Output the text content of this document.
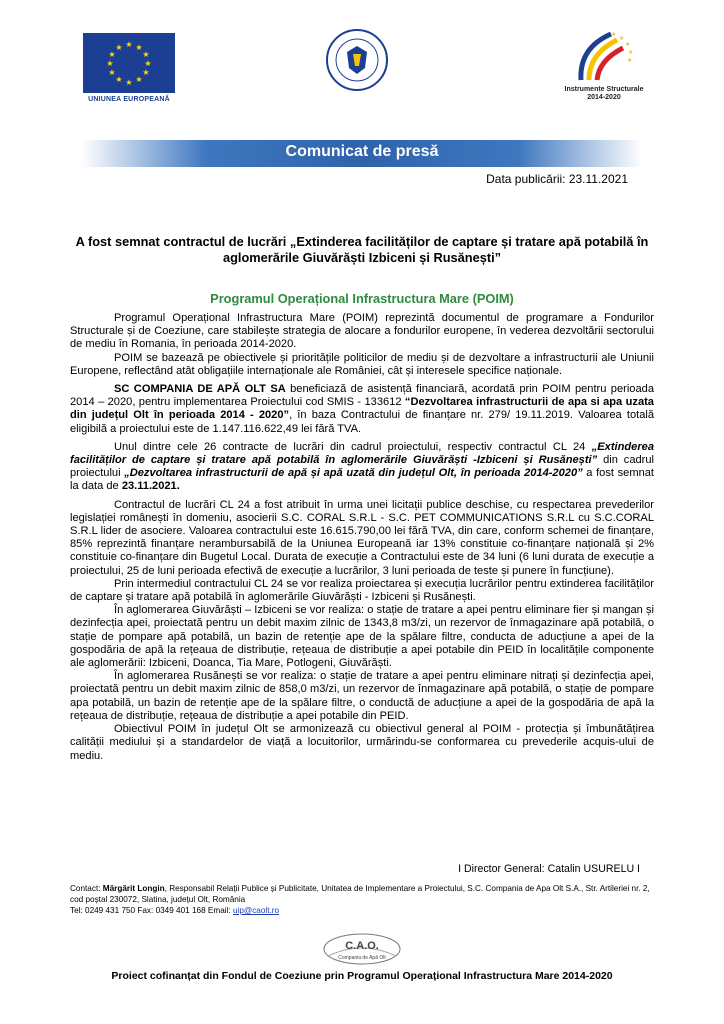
★ ★
★
★
★
★
★
★
★
★
★
★
UNIUNEA EUROPEANĂ
★
★
★
★
★
Instrumente Structurale
2014-2020
Comunicat de presă
Data publicării: 23.11.2021
A fost semnat contractul de lucrări „Extinderea facilităților de captare și tratare apă potabilă în aglomerările Giuvărăști Izbiceni și Rusănești”
Programul Operațional Infrastructura Mare (POIM)

Programul Operațional Infrastructura Mare (POIM) reprezintă documentul de programare a Fondurilor Structurale și de Coeziune, care stabilește strategia de alocare a fondurilor europene, în vederea dezvoltării sectorului de mediu în Romania, în perioada 2014-2020.

POIM se bazează pe obiectivele și prioritățile politicilor de mediu și de dezvoltare a infrastructurii ale Uniunii Europene, reflectând atât obligațiile internaționale ale României, cât și interesele specifice naționale.

SC COMPANIA DE APĂ OLT SA beneficiază de asistență financiară, acordată prin POIM pentru perioada 2014 – 2020, pentru implementarea Proiectului cod SMIS - 133612 “Dezvoltarea infrastructurii de apa si apa uzata din județul Olt în perioada 2014 - 2020”, în baza Contractului de finanțare nr. 279/ 19.11.2019. Valoarea totală eligibilă a proiectului este de 1.147.116.622,49 lei fără TVA.

Unul dintre cele 26 contracte de lucrări din cadrul proiectului, respectiv contractul CL 24 „Extinderea facilităților de captare și tratare apă potabilă în aglomerările Giuvărăști -Izbiceni și Rusănești” din cadrul proiectului „Dezvoltarea infrastructurii de apă și apă uzată din județul Olt, în perioada 2014-2020” a fost semnat la data de 23.11.2021.

Contractul de lucrări CL 24 a fost atribuit în urma unei licitații publice deschise, cu respectarea prevederilor legislației românești în domeniu, asocierii S.C. CORAL S.R.L - S.C. PET COMMUNICATIONS S.R.L cu S.C.CORAL S.R.L lider de asociere. Valoarea contractului este 16.615.790,00 lei fără TVA, din care, conform schemei de finanțare, 85% reprezintă finanțare nerambursabilă de la Uniunea Europeană iar 13% constituie co-finanțare națională și 2% constituie co-finanțare din Bugetul Local. Durata de execuție a Contractului este de 34 luni (6 luni durata de execuție a proiectului, 25 de luni perioada efectivă de execuție a lucrărilor, 3 luni perioada de teste și punere în funcțiune).

Prin intermediul contractului CL 24 se vor realiza proiectarea și execuția lucrărilor pentru extinderea facilităților de captare și tratare apă potabilă în aglomerările Giuvărăști - Izbiceni și Rusănești.

În aglomerarea Giuvărăști – Izbiceni se vor realiza: o stație de tratare a apei pentru eliminare fier și mangan și dezinfecția apei, proiectată pentru un debit maxim zilnic de 1343,8 m3/zi, un rezervor de înmagazinare apă potabilă, o stație de pompare apă potabilă, un bazin de retenție ape de la spălare filtre, conducta de aducțiune a apei de la gospodăria de apă la rețeaua de distribuție, rețeaua de distribuție a apei potabile din PEID în localitățile componente ale aglomerării: Izbiceni, Doanca, Tia Mare, Potlogeni, Giuvărăști.

În aglomerarea Rusănești se vor realiza: o stație de tratare a apei pentru eliminare nitrați și dezinfecția apei, proiectată pentru un debit maxim zilnic de 858,0 m3/zi, un rezervor de înmagazinare apă potabilă, o stație de pompare apa potabilă, un bazin de retenție ape de la spălare filtre, o conductă de aducțiune a apei de la gospodăria de apă la rețeaua de distribuție, rețeaua de distribuție a apei potabile din PEID.

Obiectivul POIM în județul Olt se armonizează cu obiectivul general al POIM - protecția și îmbunătățirea calității mediului și a standardelor de viață a locuitorilor, urmărindu-se conformarea cu prevederile acquis-ului de mediu.

I Director General: Catalin USURELU I
Contact: Mărgărit Longin, Responsabil Relații Publice și Publicitate, Unitatea de Implementare a Proiectului, S.C. Compania de Apa Olt S.A., Str. Artileriei nr. 2, cod poștal 230072, Slatina, județul Olt, România
Tel: 0249 431 750 Fax: 0349 401 168 Email: uip@caolt.ro
C.A.O.
Compania de Apă Olt
Proiect cofinanțat din Fondul de Coeziune prin Programul Operațional Infrastructura Mare 2014-2020
